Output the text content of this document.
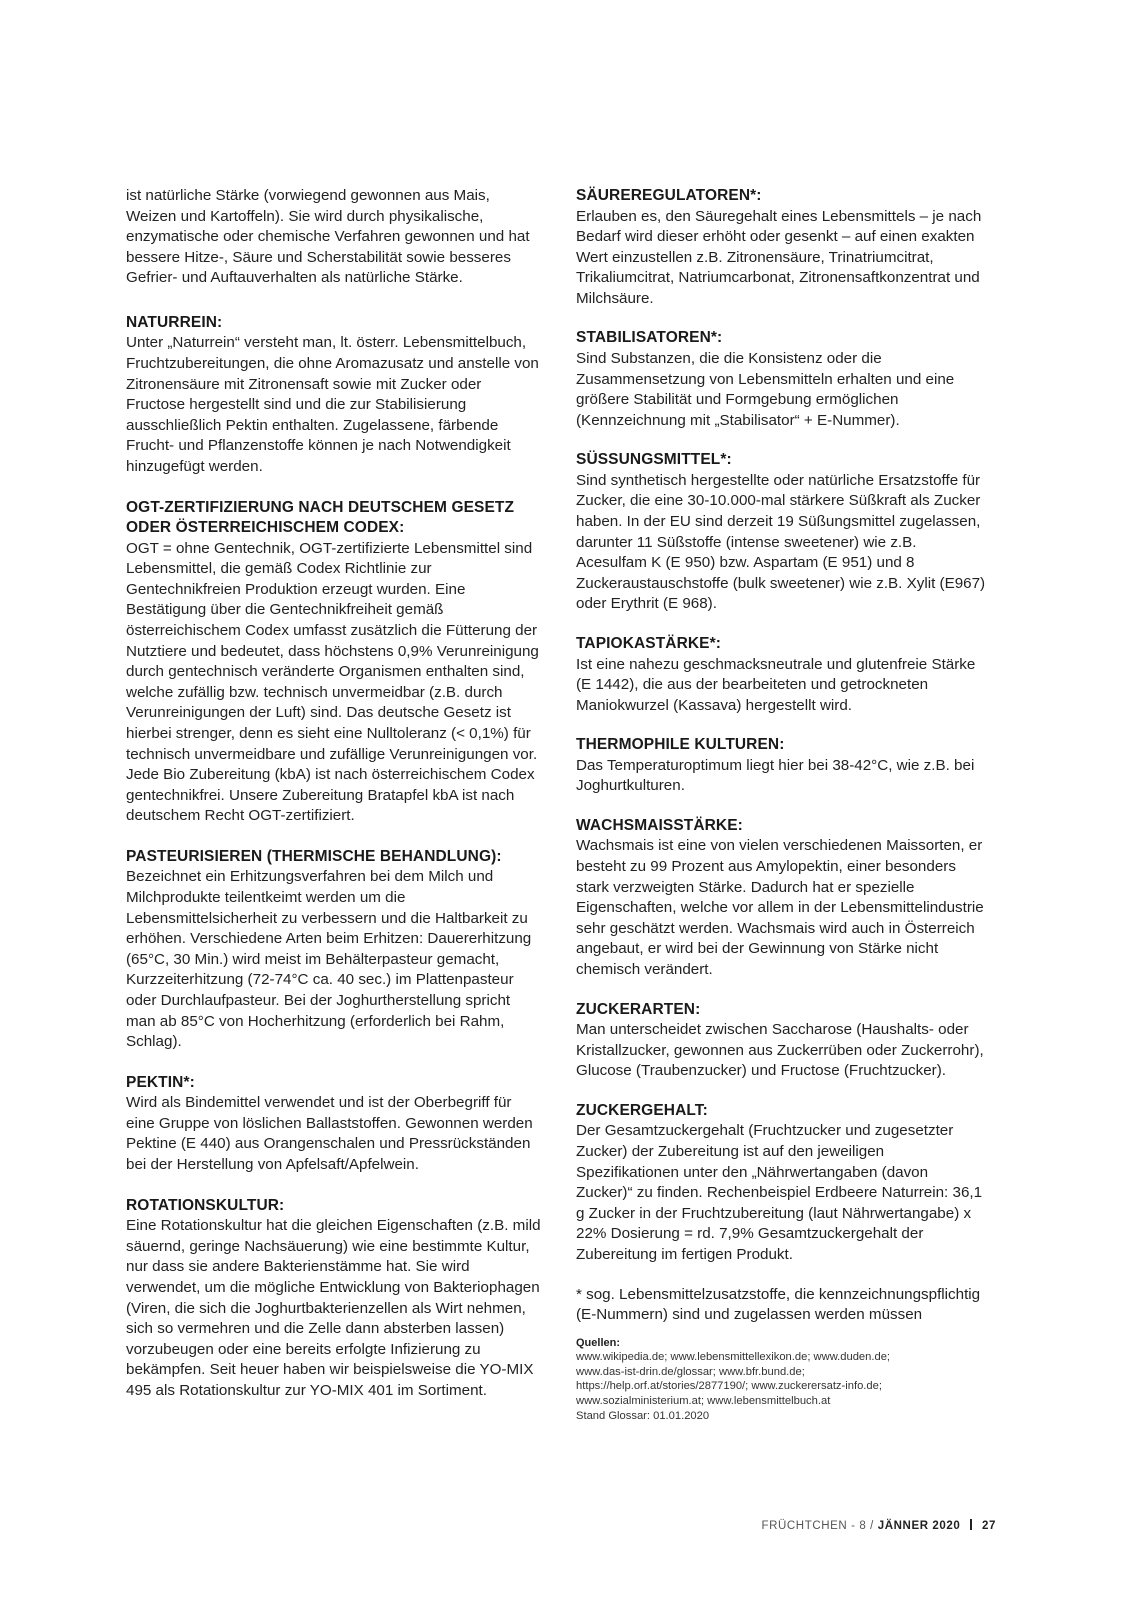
ist natürliche Stärke (vorwiegend gewonnen aus Mais, Weizen und Kartoffeln). Sie wird durch physikalische, enzymatische oder chemische Verfahren gewonnen und hat bessere Hitze-, Säure und Scherstabilität sowie besseres Gefrier- und Auftauverhalten als natürliche Stärke.

NATURREIN:

Unter „Naturrein“ versteht man, lt. österr. Lebensmittelbuch, Fruchtzubereitungen, die ohne Aromazusatz und anstelle von Zitronensäure mit Zitronensaft sowie mit Zucker oder Fructose hergestellt sind und die zur Stabilisierung ausschließlich Pektin enthalten. Zugelassene, färbende Frucht- und Pflanzenstoffe können je nach Notwendigkeit hinzugefügt werden.

OGT-ZERTIFIZIERUNG NACH DEUTSCHEM GESETZ ODER ÖSTERREICHISCHEM CODEX:

OGT = ohne Gentechnik, OGT-zertifizierte Lebensmittel sind Lebensmittel, die gemäß Codex Richtlinie zur Gentechnikfreien Produktion erzeugt wurden. Eine Bestätigung über die Gentechnikfreiheit gemäß österreichischem Codex umfasst zusätzlich die Fütterung der Nutztiere und bedeutet, dass höchstens 0,9% Verunreinigung durch gentechnisch veränderte Organismen enthalten sind, welche zufällig bzw. technisch unvermeidbar (z.B. durch Verunreinigungen der Luft) sind. Das deutsche Gesetz ist hierbei strenger, denn es sieht eine Nulltoleranz (< 0,1%) für technisch unvermeidbare und zufällige Verunreinigungen vor. Jede Bio Zubereitung (kbA) ist nach österreichischem Codex gentechnikfrei. Unsere Zubereitung Bratapfel kbA ist nach deutschem Recht OGT-zertifiziert.

PASTEURISIEREN (THERMISCHE BEHANDLUNG):

Bezeichnet ein Erhitzungsverfahren bei dem Milch und Milchprodukte teilentkeimt werden um die Lebensmittelsicherheit zu verbessern und die Haltbarkeit zu erhöhen. Verschiedene Arten beim Erhitzen: Dauererhitzung (65°C, 30 Min.) wird meist im Behälterpasteur gemacht, Kurzzeiterhitzung (72-74°C ca. 40 sec.) im Plattenpasteur oder Durchlaufpasteur. Bei der Joghurtherstellung spricht man ab 85°C von Hocherhitzung (erforderlich bei Rahm, Schlag).

PEKTIN*:

Wird als Bindemittel verwendet und ist der Oberbegriff für eine Gruppe von löslichen Ballaststoffen. Gewonnen werden Pektine (E 440) aus Orangenschalen und Pressrückständen bei der Herstellung von Apfelsaft/Apfelwein.

ROTATIONSKULTUR:

Eine Rotationskultur hat die gleichen Eigenschaften (z.B. mild säuernd, geringe Nachsäuerung) wie eine bestimmte Kultur, nur dass sie andere Bakterienstämme hat. Sie wird verwendet, um die mögliche Entwicklung von Bakteriophagen (Viren, die sich die Joghurtbakterienzellen als Wirt nehmen, sich so vermehren und die Zelle dann absterben lassen) vorzubeugen oder eine bereits erfolgte Infizierung zu bekämpfen. Seit heuer haben wir beispielsweise die YO-MIX 495 als Rotationskultur zur YO-MIX 401 im Sortiment.

SÄUREREGULATOREN*:

Erlauben es, den Säuregehalt eines Lebensmittels – je nach Bedarf wird dieser erhöht oder gesenkt – auf einen exakten Wert einzustellen z.B. Zitronensäure, Trinatriumcitrat, Trikaliumcitrat, Natriumcarbonat, Zitronensaftkonzentrat und Milchsäure.

STABILISATOREN*:

Sind Substanzen, die die Konsistenz oder die Zusammensetzung von Lebensmitteln erhalten und eine größere Stabilität und Formgebung ermöglichen (Kennzeichnung mit „Stabilisator“ + E-Nummer).

SÜSSUNGSMITTEL*:

Sind synthetisch hergestellte oder natürliche Ersatzstoffe für Zucker, die eine 30-10.000-mal stärkere Süßkraft als Zucker haben. In der EU sind derzeit 19 Süßungsmittel zugelassen, darunter 11 Süßstoffe (intense sweetener) wie z.B. Acesulfam K (E 950) bzw. Aspartam (E 951) und 8 Zuckeraustauschstoffe (bulk sweetener) wie z.B. Xylit (E967) oder Erythrit (E 968).

TAPIOKASTÄRKE*:

Ist eine nahezu geschmacksneutrale und glutenfreie Stärke (E 1442), die aus der bearbeiteten und getrockneten Maniokwurzel (Kassava) hergestellt wird.

THERMOPHILE KULTUREN:

Das Temperaturoptimum liegt hier bei 38-42°C, wie z.B. bei Joghurtkulturen.

WACHSMAISSTÄRKE:

Wachsmais ist eine von vielen verschiedenen Maissorten, er besteht zu 99 Prozent aus Amylopektin, einer besonders stark verzweigten Stärke. Dadurch hat er spezielle Eigenschaften, welche vor allem in der Lebensmittelindustrie sehr geschätzt werden. Wachsmais wird auch in Österreich angebaut, er wird bei der Gewinnung von Stärke nicht chemisch verändert.

ZUCKERARTEN:

Man unterscheidet zwischen Saccharose (Haushalts- oder Kristallzucker, gewonnen aus Zuckerrüben oder Zuckerrohr), Glucose (Traubenzucker) und Fructose (Fruchtzucker).

ZUCKERGEHALT:

Der Gesamtzuckergehalt (Fruchtzucker und zugesetzter Zucker) der Zubereitung ist auf den jeweiligen Spezifikationen unter den „Nährwertangaben (davon Zucker)“ zu finden. Rechenbeispiel Erdbeere Naturrein: 36,1 g Zucker in der Fruchtzubereitung (laut Nährwertangabe) x 22% Dosierung = rd. 7,9% Gesamtzuckergehalt der Zubereitung im fertigen Produkt.

* sog. Lebensmittelzusatzstoffe, die kennzeichnungspflichtig (E-Nummern) sind und zugelassen werden müssen

Quellen:

www.wikipedia.de; www.lebensmittellexikon.de; www.duden.de;

www.das-ist-drin.de/glossar; www.bfr.bund.de;

https://help.orf.at/stories/2877190/; www.zuckerersatz-info.de;

www.sozialministerium.at; www.lebensmittelbuch.at

Stand Glossar: 01.01.2020

FRÜCHTCHEN - 8 / JÄNNER 2020 27
